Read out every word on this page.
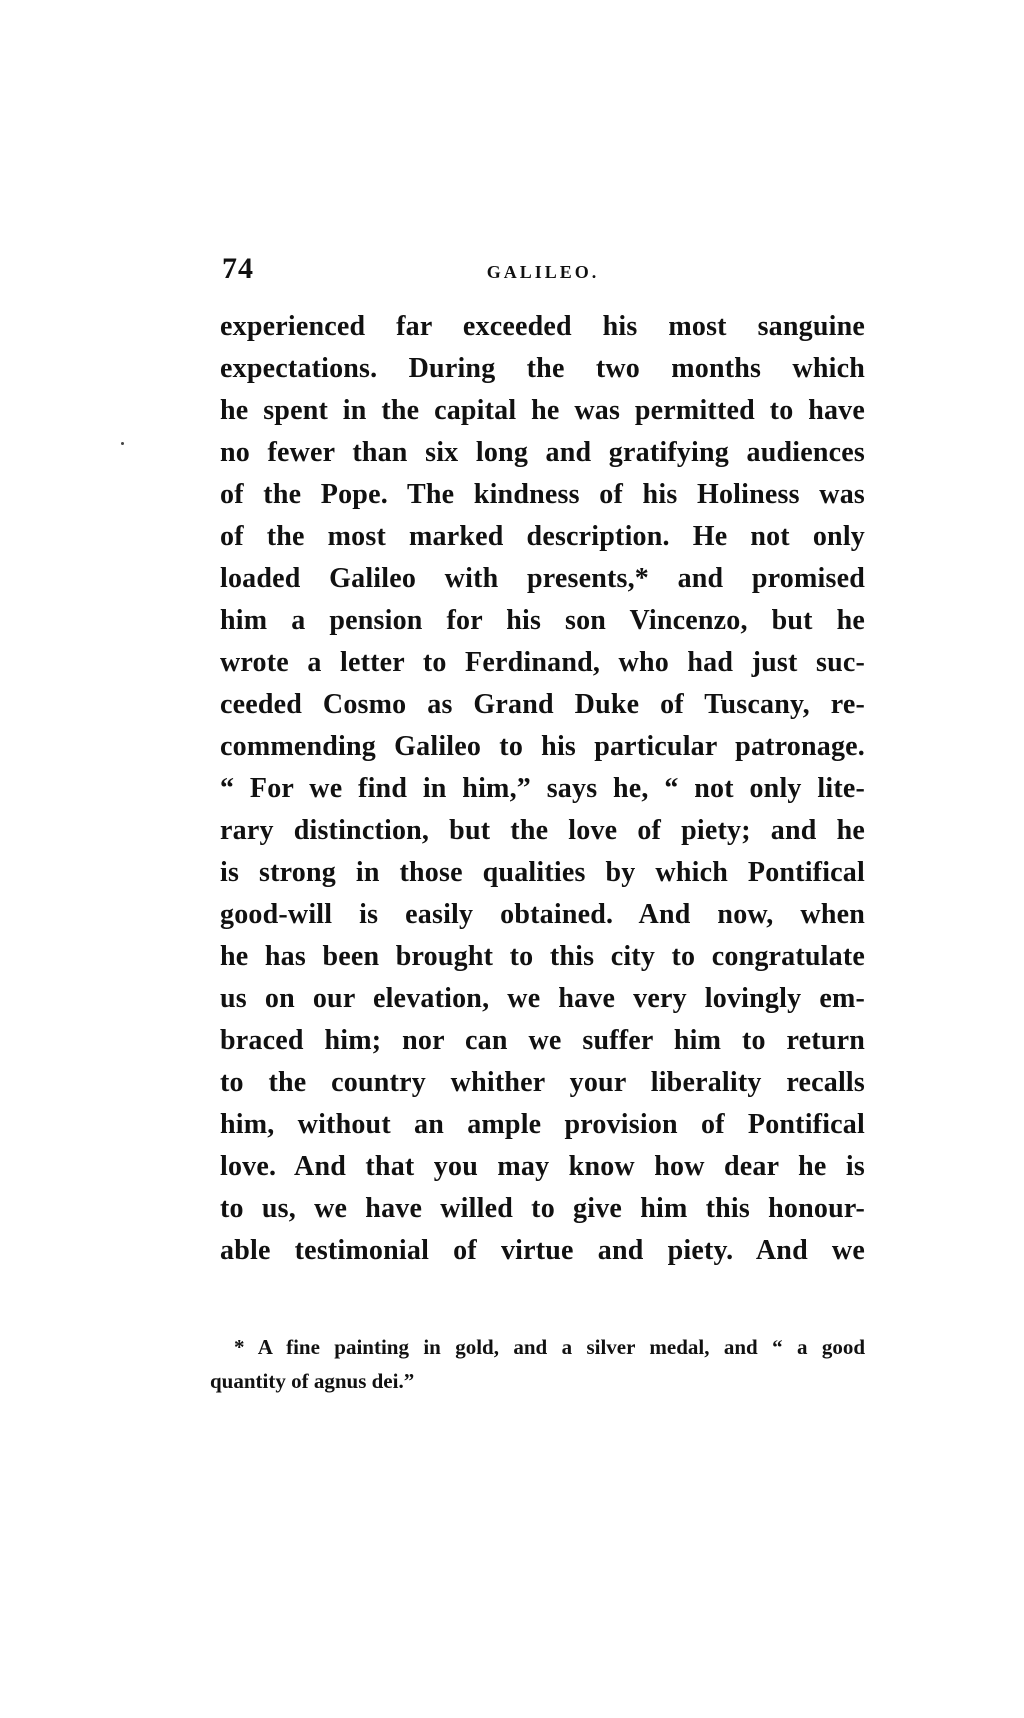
74	GALILEO.
experienced far exceeded his most sanguine
expectations. During the two months which
he spent in the capital he was permitted to have
no fewer than six long and gratifying audiences
of the Pope. The kindness of his Holiness was
of the most marked description. He not only
loaded Galileo with presents,* and promised
him a pension for his son Vincenzo, but he
wrote a letter to Ferdinand, who had just suc-
ceeded Cosmo as Grand Duke of Tuscany, re-
commending Galileo to his particular patronage.
“ For we find in him,” says he, “ not only lite-
rary distinction, but the love of piety; and he
is strong in those qualities by which Pontifical
good-will is easily obtained. And now, when
he has been brought to this city to congratulate
us on our elevation, we have very lovingly em-
braced him; nor can we suffer him to return
to the country whither your liberality recalls
him, without an ample provision of Pontifical
love. And that you may know how dear he is
to us, we have willed to give him this honour-
able testimonial of virtue and piety. And we
* A fine painting in gold, and a silver medal, and “ a good
quantity of agnus dei.”
